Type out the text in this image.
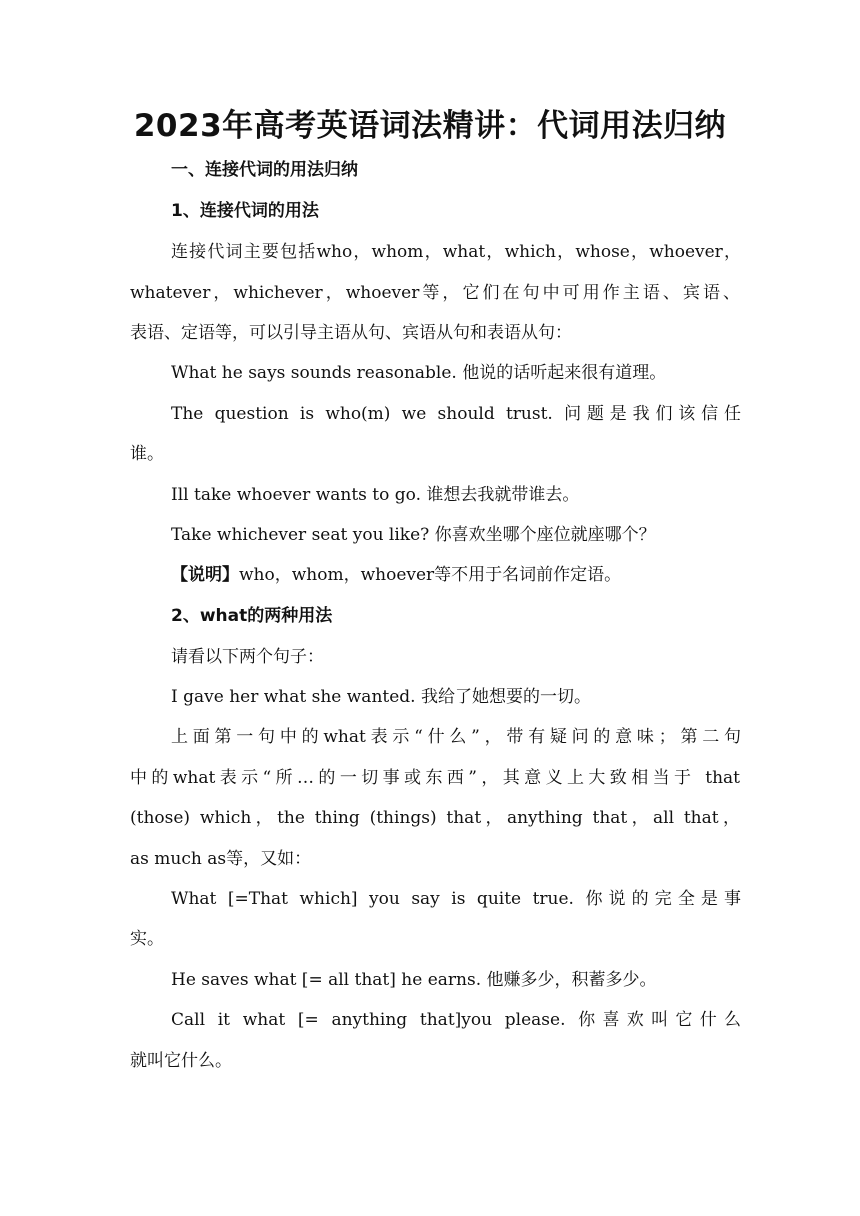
2023年高考英语词法精讲：代词用法归纳

一、连接代词的用法归纳

1、连接代词的用法

连接代词主要包括who，whom，what，which，whose，whoever，

whatever，whichever，whoever等，它们在句中可用作主语、宾语、

表语、定语等，可以引导主语从句、宾语从句和表语从句：

What he says sounds reasonable. 他说的话听起来很有道理。

The question is who(m) we should trust. 问题是我们该信任

谁。

Ill take whoever wants to go. 谁想去我就带谁去。

Take whichever seat you like? 你喜欢坐哪个座位就座哪个？

【说明】who，whom，whoever等不用于名词前作定语。

2、what的两种用法

请看以下两个句子：

I gave her what she wanted. 我给了她想要的一切。

上面第一句中的what表示“什么”，带有疑问的意味；第二句

中的what表示“所…的一切事或东西”，其意义上大致相当于 that

(those) which，the thing (things) that，anything that，all that，

as much as等，又如：

What [=That which] you say is quite true. 你说的完全是事

实。

He saves what [= all that] he earns. 他赚多少，积蓄多少。

Call it what [= anything that]you please. 你喜欢叫它什么

就叫它什么。
